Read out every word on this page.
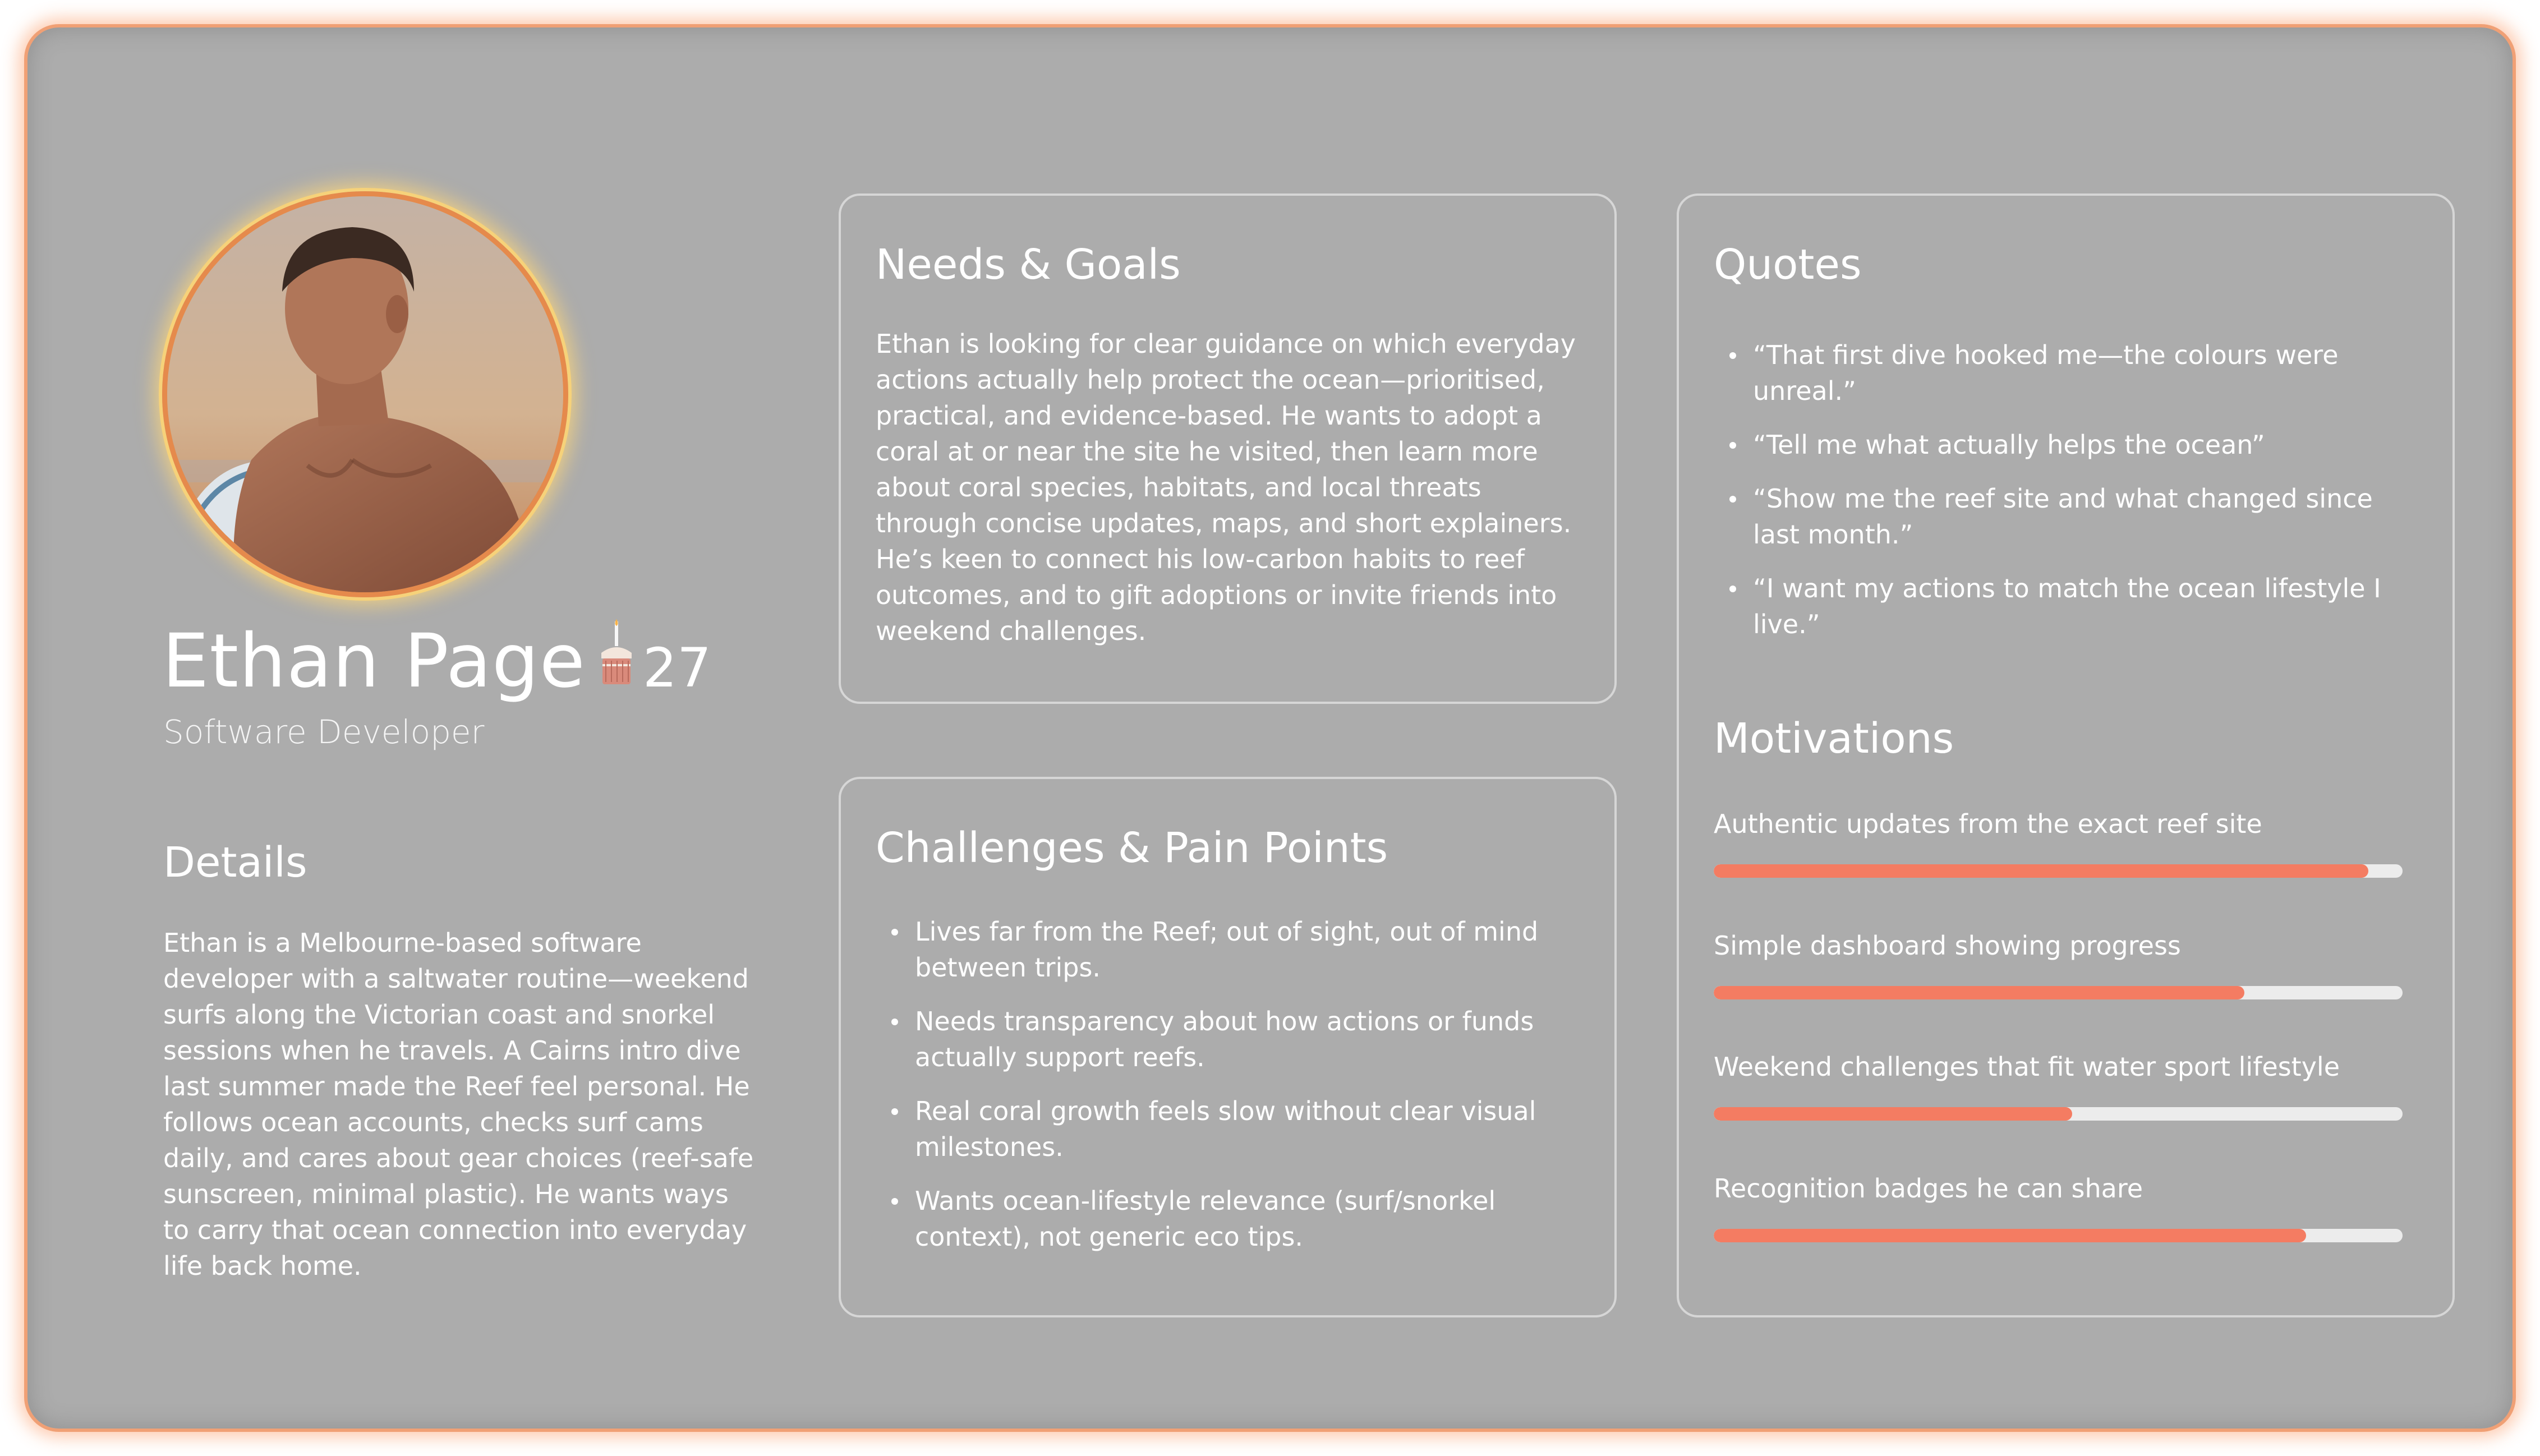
Ethan Page 27
Software Developer
Details

Ethan is a Melbourne-based software developer with a saltwater routine—weekend surfs along the Victorian coast and snorkel sessions when he travels. A Cairns intro dive last summer made the Reef feel personal. He follows ocean accounts, checks surf cams daily, and cares about gear choices (reef-safe sunscreen, minimal plastic). He wants ways to carry that ocean connection into everyday life back home.

Needs & Goals

Ethan is looking for clear guidance on which everyday actions actually help protect the ocean—prioritised, practical, and evidence-based. He wants to adopt a coral at or near the site he visited, then learn more about coral species, habitats, and local threats through concise updates, maps, and short explainers. He’s keen to connect his low-carbon habits to reef outcomes, and to gift adoptions or invite friends into weekend challenges.

Challenges & Pain Points
Lives far from the Reef; out of sight, out of mind between trips.
Needs transparency about how actions or funds actually support reefs.
Real coral growth feels slow without clear visual milestones.
Wants ocean-lifestyle relevance (surf/snorkel context), not generic eco tips.
Quotes
“That first dive hooked me—the colours were unreal.”
“Tell me what actually helps the ocean”
“Show me the reef site and what changed since last month.”
“I want my actions to match the ocean lifestyle I live.”
Motivations
Authentic updates from the exact reef site
Simple dashboard showing progress
Weekend challenges that fit water sport lifestyle
Recognition badges he can share
